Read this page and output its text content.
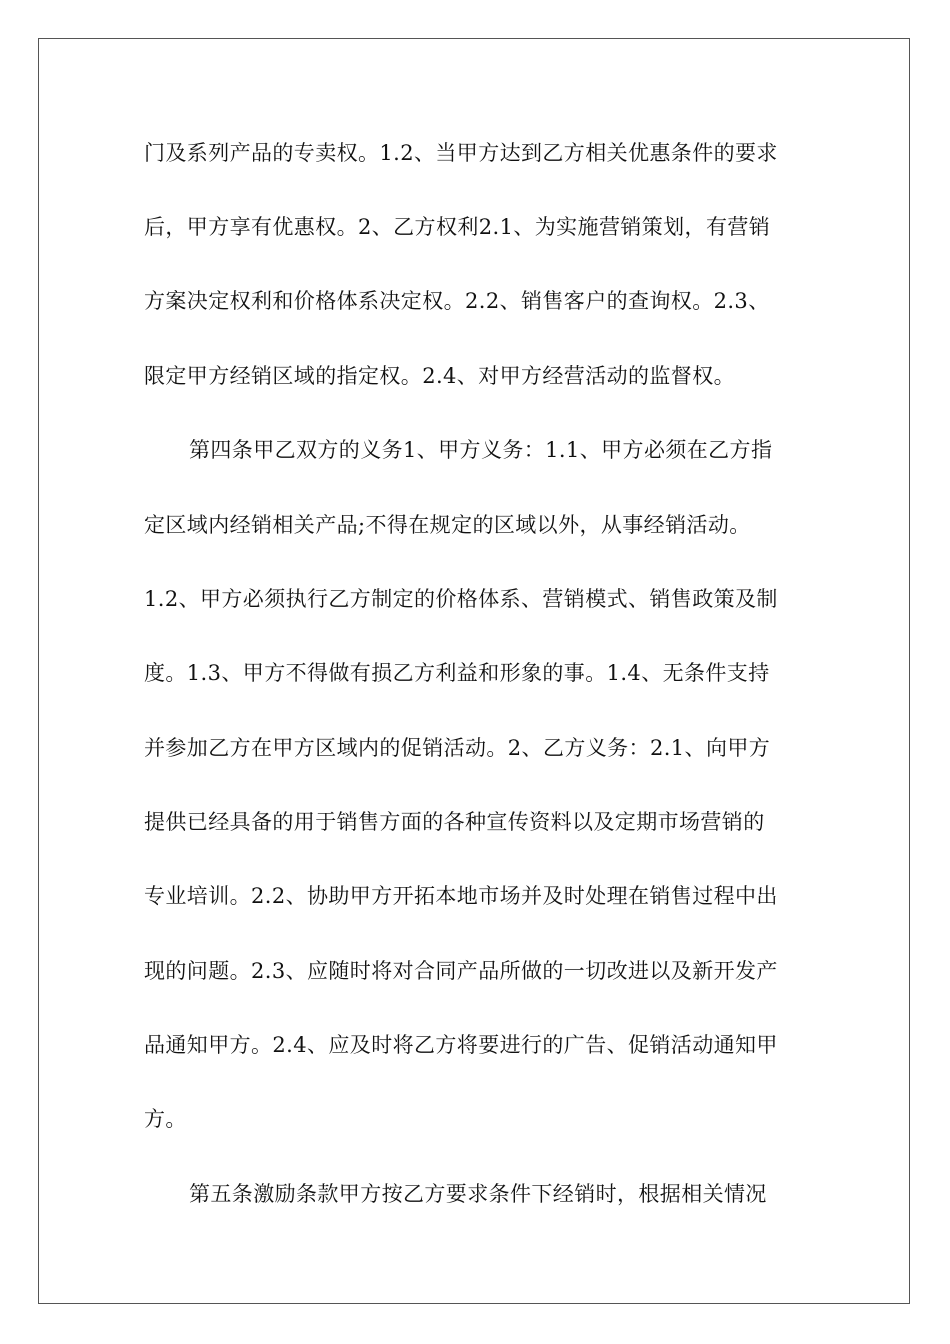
门及系列产品的专卖权。1.2、当甲方达到乙方相关优惠条件的要求

后，甲方享有优惠权。2、乙方权利2.1、为实施营销策划，有营销

方案决定权利和价格体系决定权。2.2、销售客户的查询权。2.3、

限定甲方经销区域的指定权。2.4、对甲方经营活动的监督权。

第四条甲乙双方的义务1、甲方义务：1.1、甲方必须在乙方指

定区域内经销相关产品;不得在规定的区域以外，从事经销活动。

1.2、甲方必须执行乙方制定的价格体系、营销模式、销售政策及制

度。1.3、甲方不得做有损乙方利益和形象的事。1.4、无条件支持

并参加乙方在甲方区域内的促销活动。2、乙方义务：2.1、向甲方

提供已经具备的用于销售方面的各种宣传资料以及定期市场营销的

专业培训。2.2、协助甲方开拓本地市场并及时处理在销售过程中出

现的问题。2.3、应随时将对合同产品所做的一切改进以及新开发产

品通知甲方。2.4、应及时将乙方将要进行的广告、促销活动通知甲

方。

第五条激励条款甲方按乙方要求条件下经销时，根据相关情况
